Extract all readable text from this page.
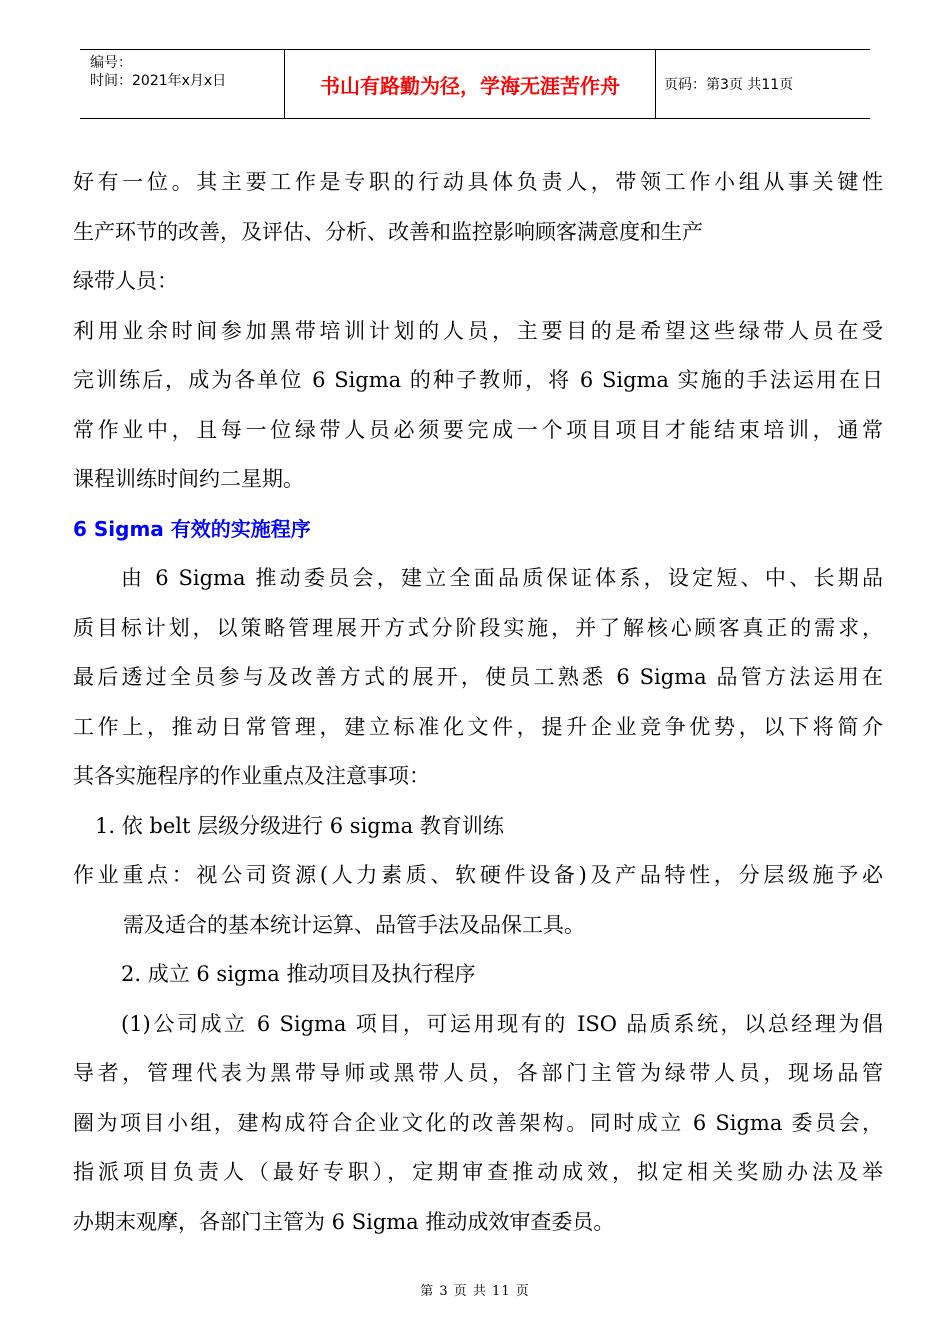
编号：
时间：2021年x月x日	书山有路勤为径，学海无涯苦作舟	页码：第3页 共11页
好有一位。其主要工作是专职的行动具体负责人，带领工作小组从事关键性
生产环节的改善，及评估、分析、改善和监控影响顾客满意度和生产
绿带人员：
利用业余时间参加黑带培训计划的人员，主要目的是希望这些绿带人员在受
完训练后，成为各单位 6 Sigma 的种子教师，将 6 Sigma 实施的手法运用在日
常作业中，且每一位绿带人员必须要完成一个项目项目才能结束培训，通常
课程训练时间约二星期。
6 Sigma 有效的实施程序
由 6 Sigma 推动委员会，建立全面品质保证体系，设定短、中、长期品
质目标计划，以策略管理展开方式分阶段实施，并了解核心顾客真正的需求，
最后透过全员参与及改善方式的展开，使员工熟悉 6 Sigma 品管方法运用在
工作上，推动日常管理，建立标准化文件，提升企业竞争优势，以下将简介
其各实施程序的作业重点及注意事项：
1. 依 belt 层级分级进行 6 sigma 教育训练
作业重点：视公司资源(人力素质、软硬件设备)及产品特性，分层级施予必
需及适合的基本统计运算、品管手法及品保工具。
2. 成立 6 sigma 推动项目及执行程序
(1)公司成立 6 Sigma 项目，可运用现有的 ISO 品质系统，以总经理为倡
导者，管理代表为黑带导师或黑带人员，各部门主管为绿带人员，现场品管
圈为项目小组，建构成符合企业文化的改善架构。同时成立 6 Sigma 委员会，
指派项目负责人（最好专职），定期审查推动成效，拟定相关奖励办法及举
办期末观摩，各部门主管为 6 Sigma 推动成效审查委员。
第 3 页 共 11 页
